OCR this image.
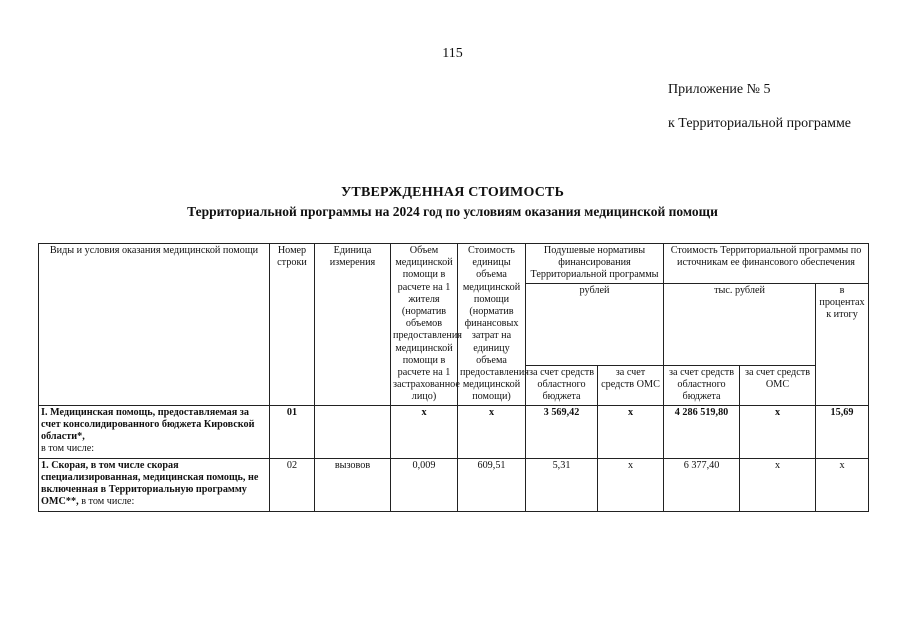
115
Приложение № 5
к Территориальной программе
УТВЕРЖДЕННАЯ СТОИМОСТЬ
Территориальной программы на 2024 год по условиям оказания медицинской помощи
Виды и условия оказания медицинской помощи	Номер строки	Единица измерения	Объем медицинской помощи в расчете на 1 жителя (норматив объемов предоставления медицинской помощи в расчете на 1 застрахованное лицо)	Стоимость единицы объема медицинской помощи (норматив финансовых затрат на единицу объема предоставления медицинской помощи)	Подушевые нормативы финансирования Территориальной программы		Стоимость Территориальной программы по источникам ее финансового обеспечения		
					рублей		тыс. рублей		в процентах к итогу
					за счет средств областного бюджета	за счет средств ОМС	за счет средств областного бюджета	за счет средств ОМС	
I. Медицинская помощь, предоставляемая за счет консолидированного бюджета Кировской области*,
в том числе:	01		x	x	3 569,42	x	4 286 519,80	x	15,69
1. Скорая, в том числе скорая специализированная, медицинская помощь, не включенная в Территориальную программу ОМС**, в том числе:	02	вызовов	0,009	609,51	5,31	x	6 377,40	x	x
